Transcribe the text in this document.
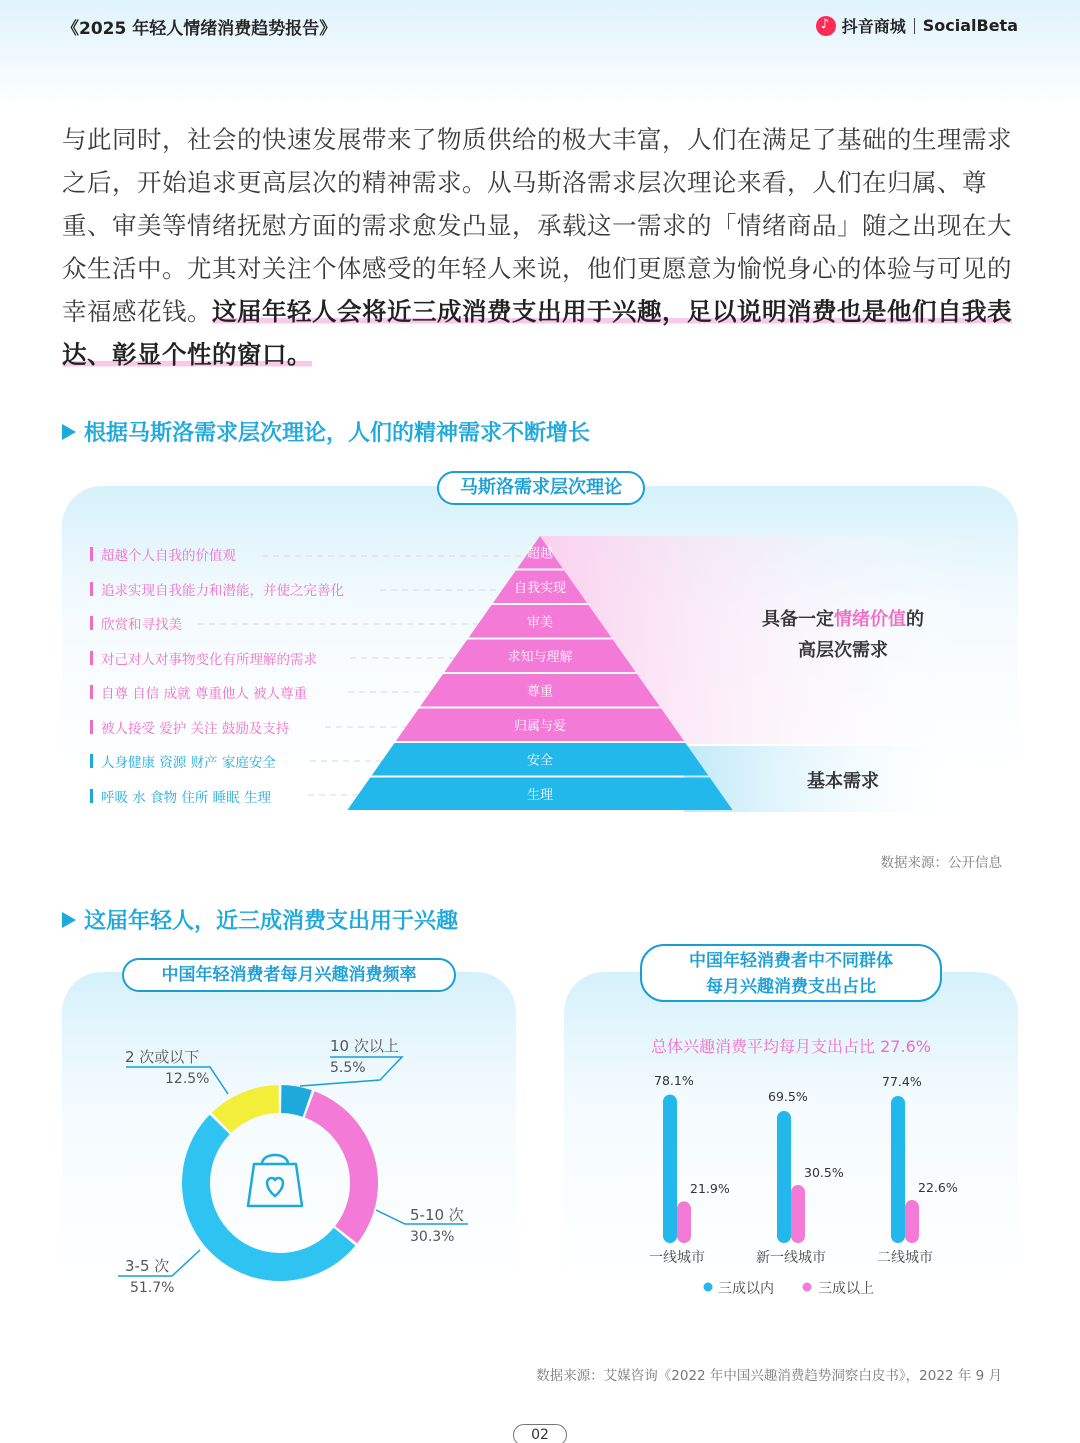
《2025 年轻人情绪消费趋势报告》
♪	抖音商城 SocialBeta

与此同时，社会的快速发展带来了物质供给的极大丰富，人们在满足了基础的生理需求之后，开始追求更高层次的精神需求。从马斯洛需求层次理论来看，人们在归属、尊重、审美等情绪抚慰方面的需求愈发凸显，承载这一需求的「情绪商品」随之出现在大众生活中。尤其对关注个体感受的年轻人来说，他们更愿意为愉悦身心的体验与可见的幸福感花钱。这届年轻人会将近三成消费支出用于兴趣，足以说明消费也是他们自我表达、彰显个性的窗口。

根据马斯洛需求层次理论，人们的精神需求不断增长
马斯洛需求层次理论
超越
自我实现
审美
求知与理解
尊重
归属与爱
安全
生理
超越个人自我的价值观
追求实现自我能力和潜能，并使之完善化
欣赏和寻找美
对己对人对事物变化有所理解的需求
自尊 自信 成就 尊重他人 被人尊重
被人接受 爱护 关注 鼓励及支持
人身健康 资源 财产 家庭安全
呼吸 水 食物 住所 睡眠 生理
具备一定情绪价值的
高层次需求
基本需求
数据来源：公开信息
这届年轻人，近三成消费支出用于兴趣
中国年轻消费者每月兴趣消费频率
中国年轻消费者中不同群体
每月兴趣消费支出占比
2 次或以下
12.5%
10 次以上
5.5%
5-10 次
30.3%
3-5 次
51.7%
总体兴趣消费平均每月支出占比 27.6%
78.1%
21.9%
一线城市
69.5%
30.5%
新一线城市
77.4%
22.6%
二线城市
三成以内	三成以上
数据来源：艾媒咨询《2022 年中国兴趣消费趋势洞察白皮书》，2022 年 9 月
02
